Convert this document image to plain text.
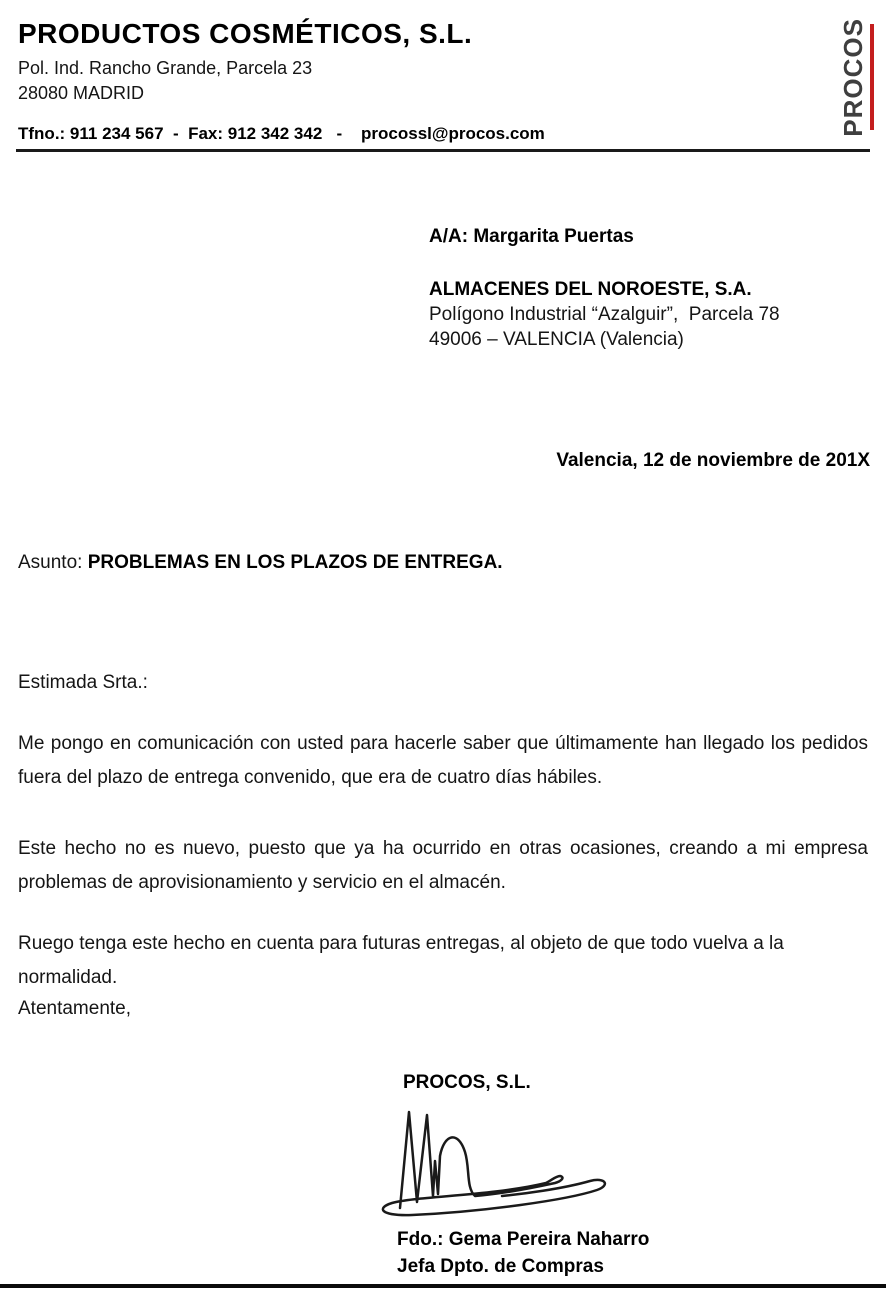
PRODUCTOS COSMÉTICOS, S.L.
Pol. Ind. Rancho Grande, Parcela 23
28080 MADRID
Tfno.: 911 234 567  -  Fax: 912 342 342   -    procossl@procos.com	PROCOS
A/A: Margarita Puertas
ALMACENES DEL NOROESTE, S.A.
Polígono Industrial “Azalguir”,  Parcela 78
49006 – VALENCIA (Valencia)
Valencia, 12 de noviembre de 201X
Asunto: PROBLEMAS EN LOS PLAZOS DE ENTREGA.
Estimada Srta.:
Me pongo en comunicación con usted para hacerle saber que últimamente han llegado los pedidos fuera del plazo de entrega convenido, que era de cuatro días hábiles.
Este hecho no es nuevo, puesto que ya ha ocurrido en otras ocasiones, creando a mi empresa problemas de aprovisionamiento y servicio en el almacén.
Ruego tenga este hecho en cuenta para futuras entregas, al objeto de que todo vuelva a la normalidad.
Atentamente,
PROCOS, S.L.
Fdo.: Gema Pereira Naharro
Jefa Dpto. de Compras
